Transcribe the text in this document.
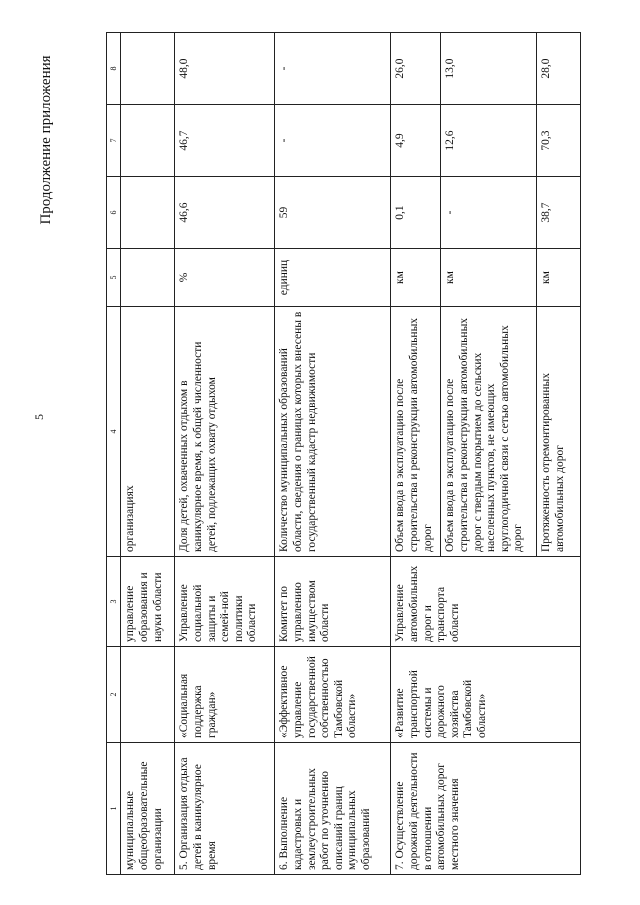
5
Продолжение приложения
1	2	3	4	5	6	7	8
муниципальные общеобразовательные организации		управление образования и науки области	организациях				
5. Организация отдыха детей в каникулярное время	«Социальная поддержка граждан»	Управление социальной защиты и семей-ной политики области	Доля детей, охваченных отдыхом в каникулярное время, к общей численности детей, подлежащих охвату отдыхом	%	46,6	46,7	48,0
6. Выполнение кадастровых и землеустроительных работ по уточнению описаний границ муниципальных образований	«Эффективное управление государственной собственностью Тамбовской области»	Комитет по управлению имуществом области	Количество муниципальных образований области, сведения о границах которых внесены в государственный кадастр недвижимости	единиц	59	-	-
7. Осуществление дорожной деятельности в отношении автомобильных дорог местного значения	«Развитие транспортной системы и дорожного хозяйства Тамбовской области»	Управление автомобильных дорог и транспорта области	Объем ввода в эксплуатацию после строительства и реконструкции автомобильных дорог	км	0,1	4,9	26,0
			Объем ввода в эксплуатацию после строительства и реконструкции автомобильных дорог с твердым покрытием до сельских населенных пунктов, не имеющих круглогодичной связи с сетью автомобильных дорог	км	-	12,6	13,0
			Протяженность отремонтированных автомобильных дорог	км	38,7	70,3	28,0
